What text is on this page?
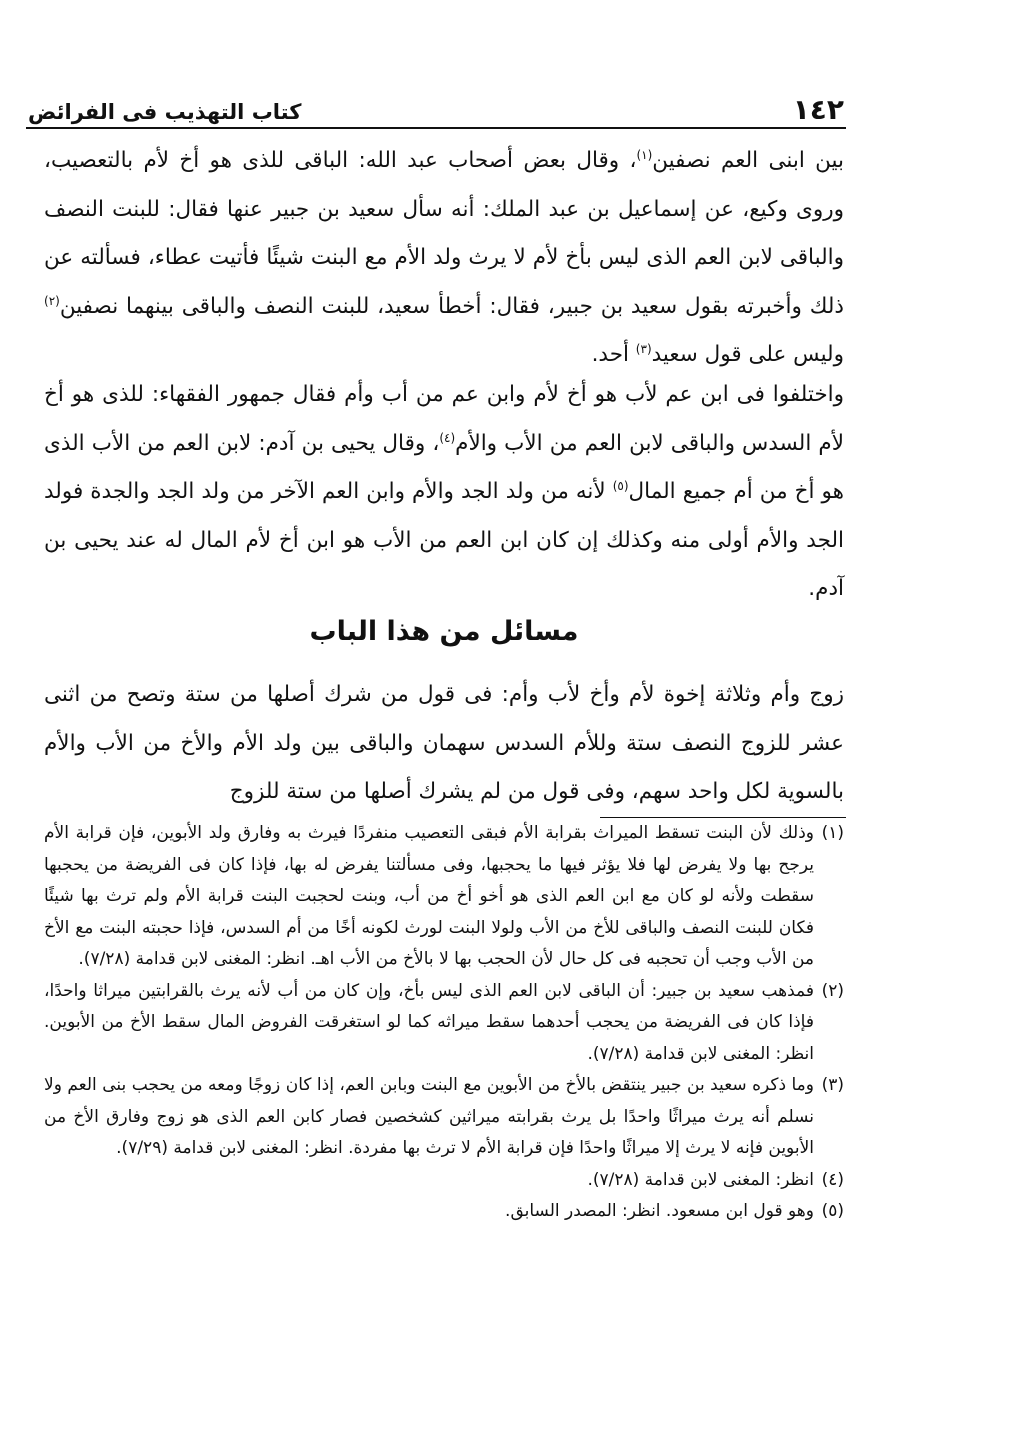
١٤٢
كتاب التهذيب فى الفرائض

بين ابنى العم نصفين$^{(١)}$، وقال بعض أصحاب عبد الله: الباقى للذى هو أخ لأم بالتعصيب، وروى وكيع، عن إسماعيل بن عبد الملك: أنه سأل سعيد بن جبير عنها فقال: للبنت النصف والباقى لابن العم الذى ليس بأخ لأم لا يرث ولد الأم مع البنت شيئًا فأتيت عطاء، فسألته عن ذلك وأخبرته بقول سعيد بن جبير، فقال: أخطأ سعيد، للبنت النصف والباقى بينهما نصفين$^{(٢)}$ وليس على قول سعيد$^{(٣)}$ أحد.

واختلفوا فى ابن عم لأب هو أخ لأم وابن عم من أب وأم فقال جمهور الفقهاء: للذى هو أخ لأم السدس والباقى لابن العم من الأب والأم$^{(٤)}$، وقال يحيى بن آدم: لابن العم من الأب الذى هو أخ من أم جميع المال$^{(٥)}$ لأنه من ولد الجد والأم وابن العم الآخر من ولد الجد والجدة فولد الجد والأم أولى منه وكذلك إن كان ابن العم من الأب هو ابن أخ لأم المال له عند يحيى بن آدم.

مسائل من هذا الباب

زوج وأم وثلاثة إخوة لأم وأخ لأب وأم: فى قول من شرك أصلها من ستة وتصح من اثنى عشر للزوج النصف ستة وللأم السدس سهمان والباقى بين ولد الأم والأخ من الأب والأم بالسوية لكل واحد سهم، وفى قول من لم يشرك أصلها من ستة للزوج

(١)
وذلك لأن البنت تسقط الميراث بقرابة الأم فبقى التعصيب منفردًا فيرث به وفارق ولد الأبوين، فإن قرابة الأم يرجح بها ولا يفرض لها فلا يؤثر فيها ما يحجبها، وفى مسألتنا يفرض له بها، فإذا كان فى الفريضة من يحجبها سقطت ولأنه لو كان مع ابن العم الذى هو أخو أخ من أب، وبنت لحجبت البنت قرابة الأم ولم ترث بها شيئًا فكان للبنت النصف والباقى للأخ من الأب ولولا البنت لورث لكونه أخًا من أم السدس، فإذا حجبته البنت مع الأخ من الأب وجب أن تحجبه فى كل حال لأن الحجب بها لا بالأخ من الأب اهـ. انظر: المغنى لابن قدامة (٧/٢٨).
(٢)
فمذهب سعيد بن جبير: أن الباقى لابن العم الذى ليس بأخ، وإن كان من أب لأنه يرث بالقرابتين ميراثا واحدًا، فإذا كان فى الفريضة من يحجب أحدهما سقط ميراثه كما لو استغرقت الفروض المال سقط الأخ من الأبوين. انظر: المغنى لابن قدامة (٧/٢٨).
(٣)
وما ذكره سعيد بن جبير ينتقض بالأخ من الأبوين مع البنت وبابن العم، إذا كان زوجًا ومعه من يحجب بنى العم ولا نسلم أنه يرث ميراثًا واحدًا بل يرث بقرابته ميراثين كشخصين فصار كابن العم الذى هو زوج وفارق الأخ من الأبوين فإنه لا يرث إلا ميراثًا واحدًا فإن قرابة الأم لا ترث بها مفردة. انظر: المغنى لابن قدامة (٧/٢٩).
(٤)
انظر: المغنى لابن قدامة (٧/٢٨).
(٥)
وهو قول ابن مسعود. انظر: المصدر السابق.
